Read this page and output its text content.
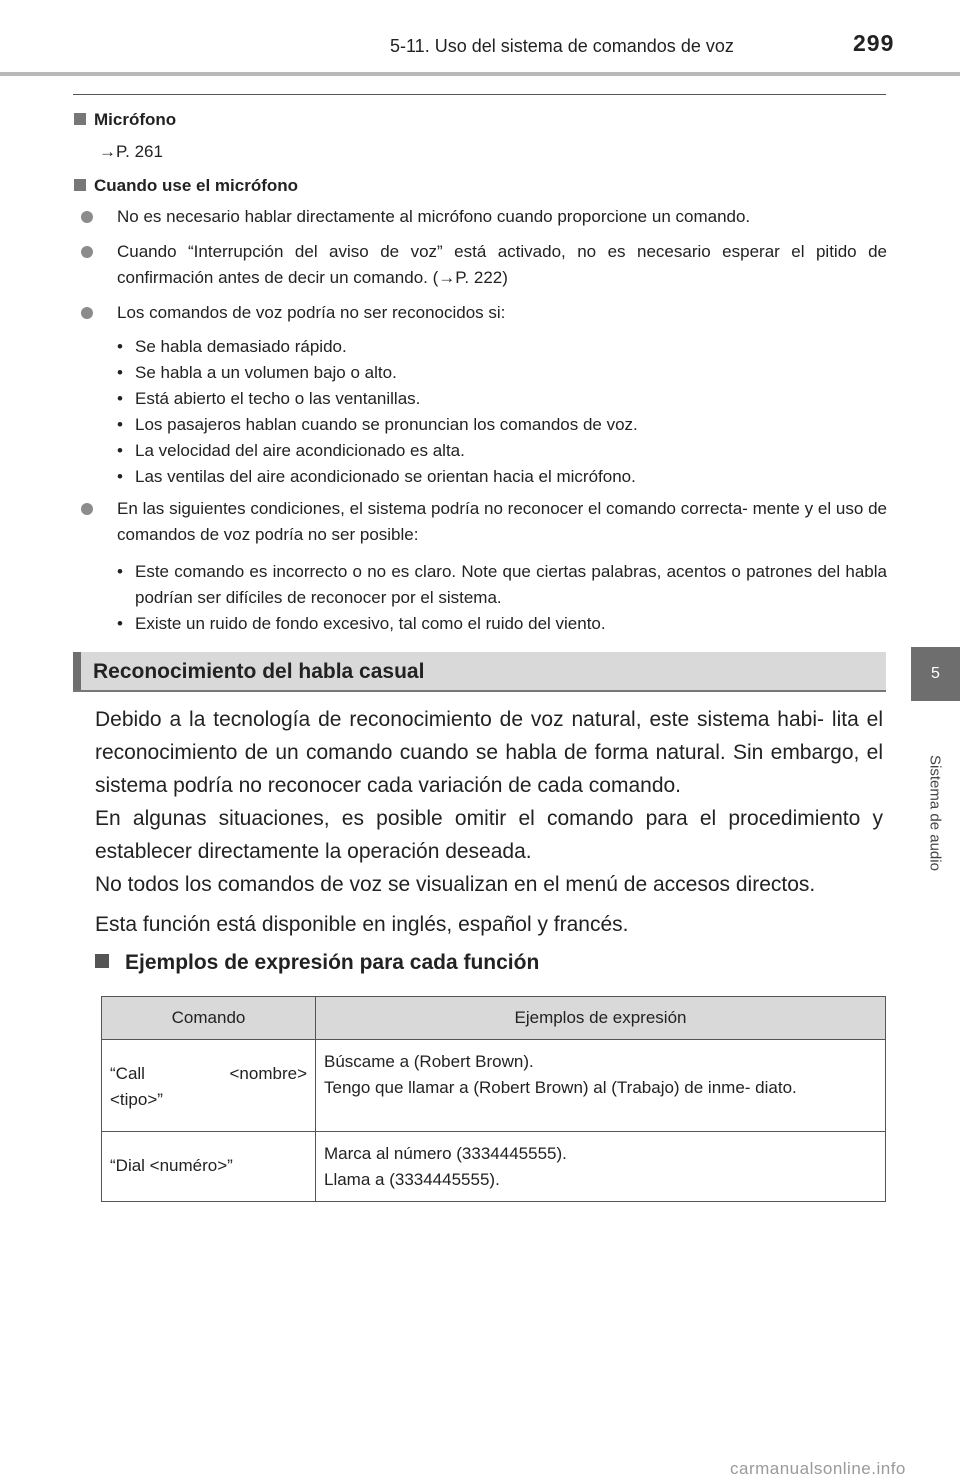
5-11. Uso del sistema de comandos de voz	299
5
Sistema de audio
Micrófono
→P. 261
Cuando use el micrófono
No es necesario hablar directamente al micrófono cuando proporcione un comando.
Cuando “Interrupción del aviso de voz” está activado, no es necesario esperar el pitido de confirmación antes de decir un comando. (→P. 222)
Los comandos de voz podría no ser reconocidos si:
• Se habla demasiado rápido.
• Se habla a un volumen bajo o alto.
• Está abierto el techo o las ventanillas.
• Los pasajeros hablan cuando se pronuncian los comandos de voz.
• La velocidad del aire acondicionado es alta.
• Las ventilas del aire acondicionado se orientan hacia el micrófono.
En las siguientes condiciones, el sistema podría no reconocer el comando correcta- mente y el uso de comandos de voz podría no ser posible:
• Este comando es incorrecto o no es claro. Note que ciertas palabras, acentos o patrones del habla podrían ser difíciles de reconocer por el sistema.
• Existe un ruido de fondo excesivo, tal como el ruido del viento.
Reconocimiento del habla casual
Debido a la tecnología de reconocimiento de voz natural, este sistema habi- lita el reconocimiento de un comando cuando se habla de forma natural. Sin embargo, el sistema podría no reconocer cada variación de cada comando.
En algunas situaciones, es posible omitir el comando para el procedimiento y establecer directamente la operación deseada.
No todos los comandos de voz se visualizan en el menú de accesos directos.
Esta función está disponible en inglés, español y francés.
Ejemplos de expresión para cada función
Comando	Ejemplos de expresión

“Call <nombre>
<tipo>”	Búscame a (Robert Brown).
Tengo que llamar a (Robert Brown) al (Trabajo) de inme- diato.

“Dial <numéro>”	Marca al número (3334445555).
Llama a (3334445555).
carmanualsonline.info
